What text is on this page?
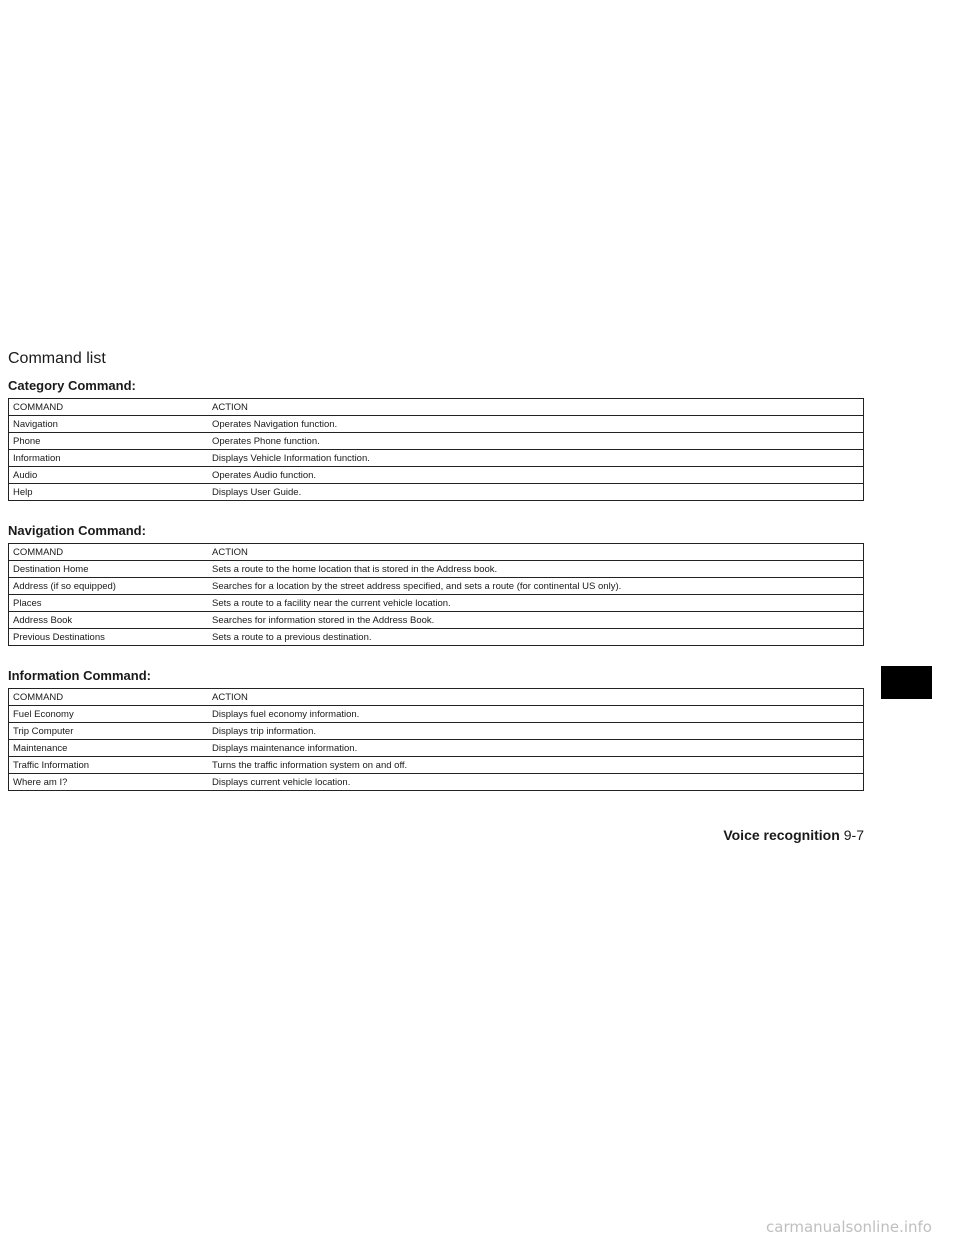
Command list
Category Command:
COMMAND	ACTION
Navigation	Operates Navigation function.
Phone	Operates Phone function.
Information	Displays Vehicle Information function.
Audio	Operates Audio function.
Help	Displays User Guide.
Navigation Command:
COMMAND	ACTION
Destination Home	Sets a route to the home location that is stored in the Address book.
Address (if so equipped)	Searches for a location by the street address specified, and sets a route (for continental US only).
Places	Sets a route to a facility near the current vehicle location.
Address Book	Searches for information stored in the Address Book.
Previous Destinations	Sets a route to a previous destination.
Information Command:
COMMAND	ACTION
Fuel Economy	Displays fuel economy information.
Trip Computer	Displays trip information.
Maintenance	Displays maintenance information.
Traffic Information	Turns the traffic information system on and off.
Where am I?	Displays current vehicle location.
Voice recognition 9-7
carmanualsonline.info
